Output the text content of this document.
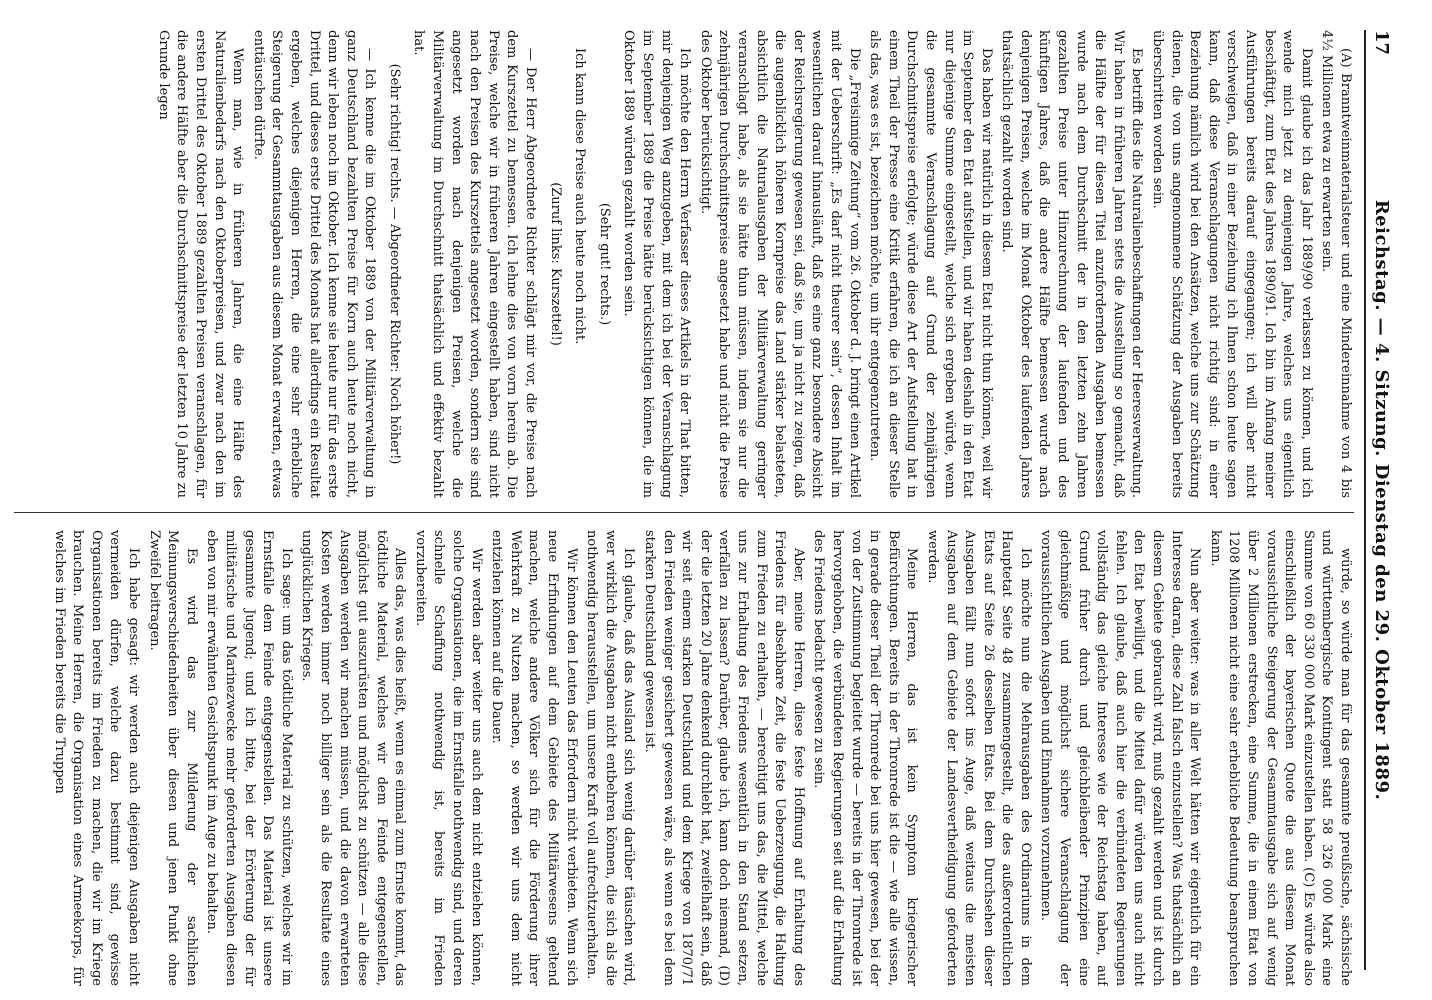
17
Reichstag. — 4. Sitzung. Dienstag den 29. Oktober 1889.

(A) Branntweinmaterialsteuer und eine Mindereinnahme von 4 bis 4½ Millionen etwa zu erwarten sein.

Damit glaube ich das Jahr 1889/90 verlassen zu können, und ich wende mich jetzt zu demjenigen Jahre, welches uns eigentlich beschäftigt, zum Etat des Jahres 1890/91. Ich bin im Anfang meiner Ausführungen bereits darauf eingegangen; ich will aber nicht verschweigen, daß in einer Beziehung ich Ihnen schon heute sagen kann, daß diese Veranschlagungen nicht richtig sind: in einer Beziehung nämlich wird bei den Ansätzen, welche uns zur Schätzung dienen, die von uns angenommene Schätzung der Ausgaben bereits überschritten worden sein.

Es betrifft dies die Naturalienbeschaffungen der Heeresverwaltung. Wir haben in früheren Jahren stets die Ausstellung so gemacht, daß die Hälfte der für diesen Titel anzufordernden Ausgaben bemessen wurde nach dem Durchschnitt der in den letzten zehn Jahren gezahlten Preise unter Hinzurechnung der laufenden und des künftigen Jahres, daß die andere Hälfte bemessen wurde nach denjenigen Preisen, welche im Monat Oktober des laufenden Jahres thatsächlich gezahlt worden sind.

Das haben wir natürlich in diesem Etat nicht thun können, weil wir im September den Etat aufstellen, und wir haben deshalb in den Etat nur diejenige Summe eingestellt, welche sich ergeben würde, wenn die gesammte Veranschlagung auf Grund der zehnjährigen Durchschnittspreise erfolgte; würde diese Art der Aufstellung hat in einem Theil der Presse eine Kritik erfahren, die ich an dieser Stelle als das, was es ist, bezeichnen möchte, um ihr entgegenzutreten.

Die „Freisinnige Zeitung“ vom 26. Oktober d. J. bringt einen Artikel mit der Ueberschrift: „Es darf nicht theurer sein“, dessen Inhalt im wesentlichen darauf hinausläuft, daß es eine ganz besondere Absicht der Reichsregierung gewesen sei, daß sie, um ja nicht zu zeigen, daß die augenblicklich höheren Kornpreise das Land stärker belasteten, absichtlich die Naturalausgaben der Militärverwaltung geringer veranschlagt habe, als sie hätte thun müssen, indem sie nur die zehnjährigen Durchschnittspreise angesetzt habe und nicht die Preise des Oktober berücksichtigt.

Ich möchte den Herrn Verfasser dieses Artikels in der That bitten, mir denjenigen Weg anzugeben, mit dem ich bei der Veranschlagung im September 1889 die Preise hätte berücksichtigen können, die im Oktober 1889 würden gezahlt worden sein.

(Sehr gut! rechts.)

Ich kann diese Preise auch heute noch nicht.

(Zuruf links: Kurszettel!)

— Der Herr Abgeordnete Richter schlägt mir vor, die Preise nach dem Kurszettel zu bemessen. Ich lehne dies von vorn herein ab. Die Preise, welche wir in früheren Jahren eingestellt haben, sind nicht nach den Preisen des Kurszettels angesetzt worden, sondern sie sind angesetzt worden nach denjenigen Preisen, welche die Militärverwaltung im Durchschnitt thatsächlich und effektiv bezahlt hat.

(Sehr richtig! rechts. — Abgeordneter Richter: Noch höher!)

— Ich kenne die im Oktober 1889 von der Militärverwaltung in ganz Deutschland bezahlten Preise für Korn auch heute noch nicht, denn wir leben noch im Oktober. Ich kenne sie heute nur für das erste Drittel, und dieses erste Drittel des Monats hat allerdings ein Resultat ergeben, welches diejenigen Herren, die eine sehr erhebliche Steigerung der Gesammtausgaben aus diesem Monat erwarten, etwas enttäuschen dürfte.

Wenn man, wie in früheren Jahren, die eine Hälfte des Naturalienbedarfs nach den Oktoberpreisen, und zwar nach den im ersten Drittel des Oktober 1889 gezahlten Preisen veranschlagen, für die andere Hälfte aber die Durchschnittspreise der letzten 10 Jahre zu Grunde legen

würde, so würde man für das gesammte preußische, sächsische und württembergische Kontingent statt 58 326 000 Mark eine Summe von 60 330 000 Mark einzustellen haben. (C) Es würde also einschließlich der bayerischen Quote die aus diesem Monat voraussichtliche Steigerung der Gesammtausgabe sich auf wenig über 2 Millionen erstrecken, eine Summe, die in einem Etat von 1208 Millionen nicht eine sehr erhebliche Bedeutung beanspruchen kann.

Nun aber weiter: was in aller Welt hätten wir eigentlich für ein Interesse daran, diese Zahl falsch einzustellen? Was thatsächlich an diesem Gebiete gebraucht wird, muß gezahlt werden und ist durch den Etat bewilligt, und die Mittel dafür würden uns auch nicht fehlen. Ich glaube, daß auch hier die verbündeten Regierungen vollständig das gleiche Interesse wie der Reichstag haben, auf Grund früher durch und gleichbleibender Prinzipien eine gleichmäßige und möglichst sichere Veranschlagung der voraussichtlichen Ausgaben und Einnahmen vorzunehmen.

Ich möchte nun die Mehrausgaben des Ordinariums in dem Hauptetat Seite 48 zusammengestellt, die des außerordentlichen Etats auf Seite 26 desselben Etats. Bei dem Durchsehen dieser Ausgaben fällt nun sofort ins Auge, daß weitaus die meisten Ausgaben auf dem Gebiete der Landesvertheidigung geforderten werden.

Meine Herren, das ist kein Symptom kriegerischer Befürchtungen. Bereits in der Thronrede ist die — wie alle wissen, in gerade dieser Theil der Thronrede bei uns hier gewesen, bei der von der Zustimmung begleitet wurde — bereits in der Thronrede ist hervorgehoben, die verbündeten Regierungen seit auf die Erhaltung des Friedens bedacht gewesen zu sein.

Aber, meine Herren, diese feste Hoffnung auf Erhaltung des Friedens für absehbare Zeit, die feste Ueberzeugung, die Haltung zum Frieden zu erhalten, — berechtigt uns das, die Mittel, welche uns zur Erhaltung des Friedens wesentlich in den Stand setzen, verfallen zu lassen? Darüber, glaube ich, kann doch niemand, (D) der die letzten 20 Jahre denkend durchlebt hat, zweifelhaft sein, daß wir seit einem starken Deutschland und dem Kriege von 1870/71 den Frieden weniger gesichert gewesen wäre, als wenn es bei dem starken Deutschland gewesen ist.

Ich glaube, daß das Ausland sich wenig darüber täuschen wird, wer wirklich die Ausgaben nicht entbehren können, die sich als die nothwendig herausstellen, um unsere Kraft voll aufrechtzuerhalten.

Wir können den Leuten das Erfordern nicht verbieten. Wenn sich neue Erfindungen auf dem Gebiete des Militärwesens geltend machen, welche andere Völker sich für die Förderung ihrer Wehrkraft zu Nutzen machen, so werden wir uns dem nicht entziehen können auf die Dauer.

Wir werden aber weiter uns auch dem nicht entziehen können, solche Organisationen, die im Ernstfalle nothwendig sind, und deren schnelle Schaffung nothwendig ist, bereits im Frieden vorzubereiten.

Alles das, was dies heißt, wenn es einmal zum Ernste kommt, das tödtliche Material, welches wir dem Feinde entgegenstellen, möglichst gut auszurüsten und möglichst zu schützen — alle diese Ausgaben werden wir machen müssen, und die davon erwarteten Kosten werden immer noch billiger sein als die Resultate eines unglücklichen Krieges.

Ich sage: um das tödtliche Material zu schützen, welches wir im Ernstfalle dem Feinde entgegenstellen. Das Material ist unsere gesammte Jugend; und ich bitte, bei der Erörterung der für militärische und Marinezwecke mehr geforderten Ausgaben diesen eben von mir erwähnten Gesichtspunkt im Auge zu behalten.

Es wird das zur Milderung der sachlichen Meinungsverschiedenheiten über diesen und jenen Punkt ohne Zweifel beitragen.

Ich habe gesagt: wir werden auch diejenigen Ausgaben nicht vermeiden dürfen, welche dazu bestimmt sind, gewisse Organisationen bereits im Frieden zu machen, die wir im Kriege brauchen. Meine Herren, die Organisation eines Armeekorps, für welches im Frieden bereits die Truppen
